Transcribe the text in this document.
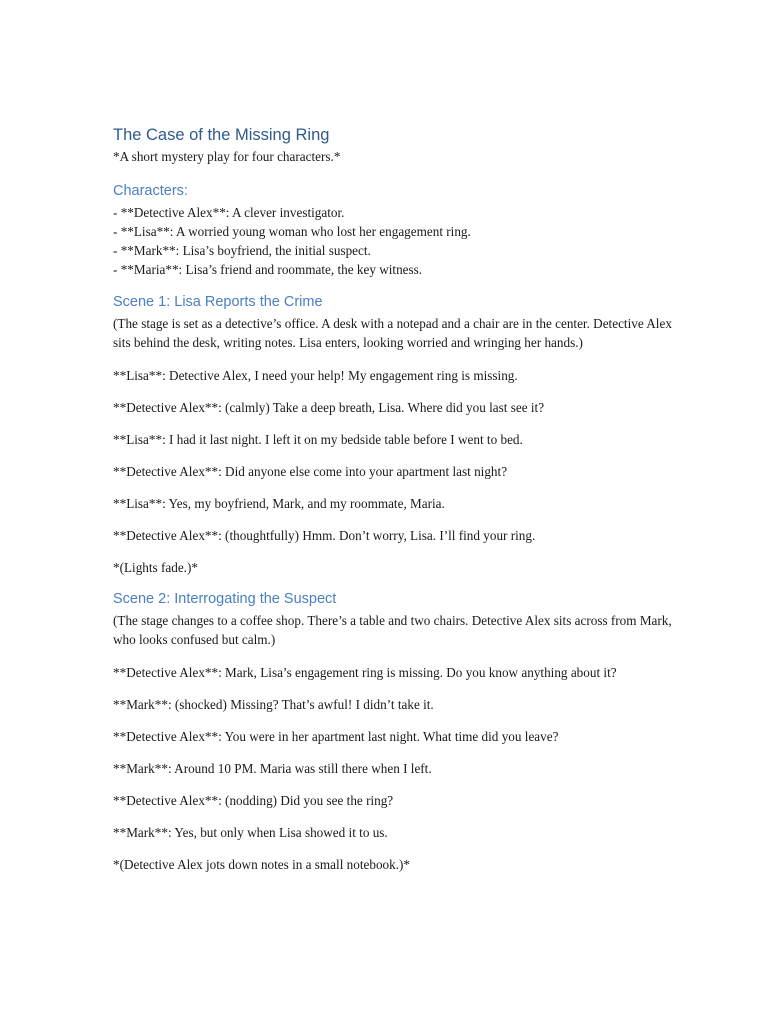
The Case of the Missing Ring

*A short mystery play for four characters.*

Characters:
- **Detective Alex**: A clever investigator.
- **Lisa**: A worried young woman who lost her engagement ring.
- **Mark**: Lisa’s boyfriend, the initial suspect.
- **Maria**: Lisa’s friend and roommate, the key witness.
Scene 1: Lisa Reports the Crime

(The stage is set as a detective’s office. A desk with a notepad and a chair are in the center. Detective Alex sits behind the desk, writing notes. Lisa enters, looking worried and wringing her hands.)

**Lisa**: Detective Alex, I need your help! My engagement ring is missing.

**Detective Alex**: (calmly) Take a deep breath, Lisa. Where did you last see it?

**Lisa**: I had it last night. I left it on my bedside table before I went to bed.

**Detective Alex**: Did anyone else come into your apartment last night?

**Lisa**: Yes, my boyfriend, Mark, and my roommate, Maria.

**Detective Alex**: (thoughtfully) Hmm. Don’t worry, Lisa. I’ll find your ring.

*(Lights fade.)*

Scene 2: Interrogating the Suspect

(The stage changes to a coffee shop. There’s a table and two chairs. Detective Alex sits across from Mark, who looks confused but calm.)

**Detective Alex**: Mark, Lisa’s engagement ring is missing. Do you know anything about it?

**Mark**: (shocked) Missing? That’s awful! I didn’t take it.

**Detective Alex**: You were in her apartment last night. What time did you leave?

**Mark**: Around 10 PM. Maria was still there when I left.

**Detective Alex**: (nodding) Did you see the ring?

**Mark**: Yes, but only when Lisa showed it to us.

*(Detective Alex jots down notes in a small notebook.)*
